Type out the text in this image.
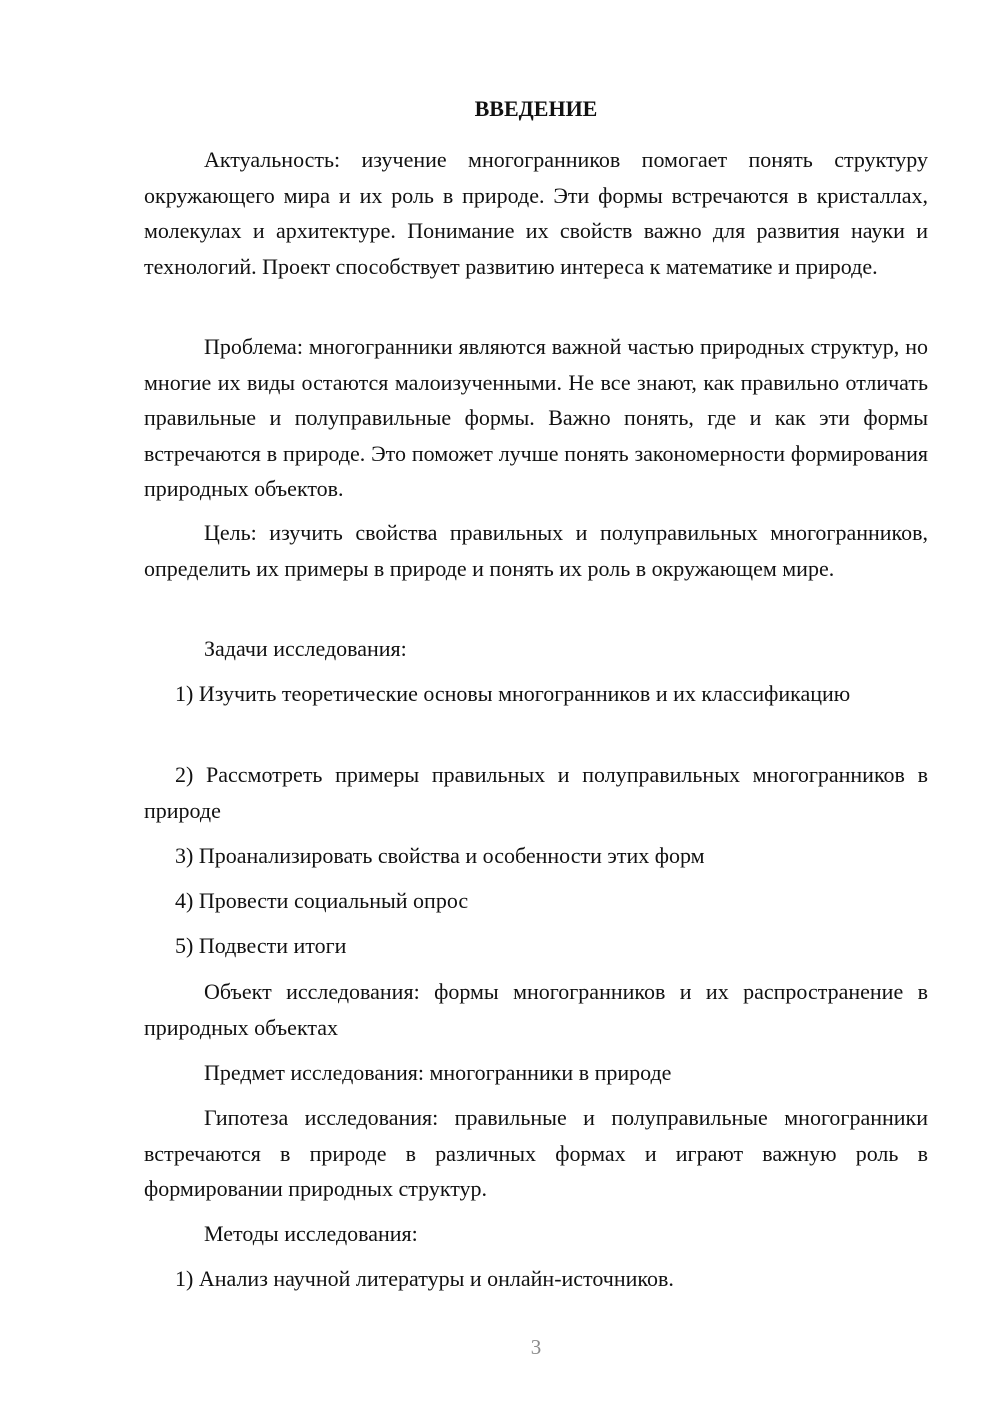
ВВЕДЕНИЕ

Актуальность: изучение многогранников помогает понять структуру окружающего мира и их роль в природе. Эти формы встречаются в кристаллах, молекулах и архитектуре. Понимание их свойств важно для развития науки и технологий. Проект способствует развитию интереса к математике и природе.

Проблема: многогранники являются важной частью природных структур, но многие их виды остаются малоизученными. Не все знают, как правильно отличать правильные и полуправильные формы. Важно понять, где и как эти формы встречаются в природе. Это поможет лучше понять закономерности формирования природных объектов.

Цель: изучить свойства правильных и полуправильных многогранников, определить их примеры в природе и понять их роль в окружающем мире.

Задачи исследования:

1) Изучить теоретические основы многогранников и их классификацию

2) Рассмотреть примеры правильных и полуправильных многогранников в природе

3) Проанализировать свойства и особенности этих форм

4) Провести социальный опрос

5) Подвести итоги

Объект исследования: формы многогранников и их распространение в природных объектах

Предмет исследования: многогранники в природе

Гипотеза исследования: правильные и полуправильные многогранники встречаются в природе в различных формах и играют важную роль в формировании природных структур.

Методы исследования:

1) Анализ научной литературы и онлайн-источников.

3
